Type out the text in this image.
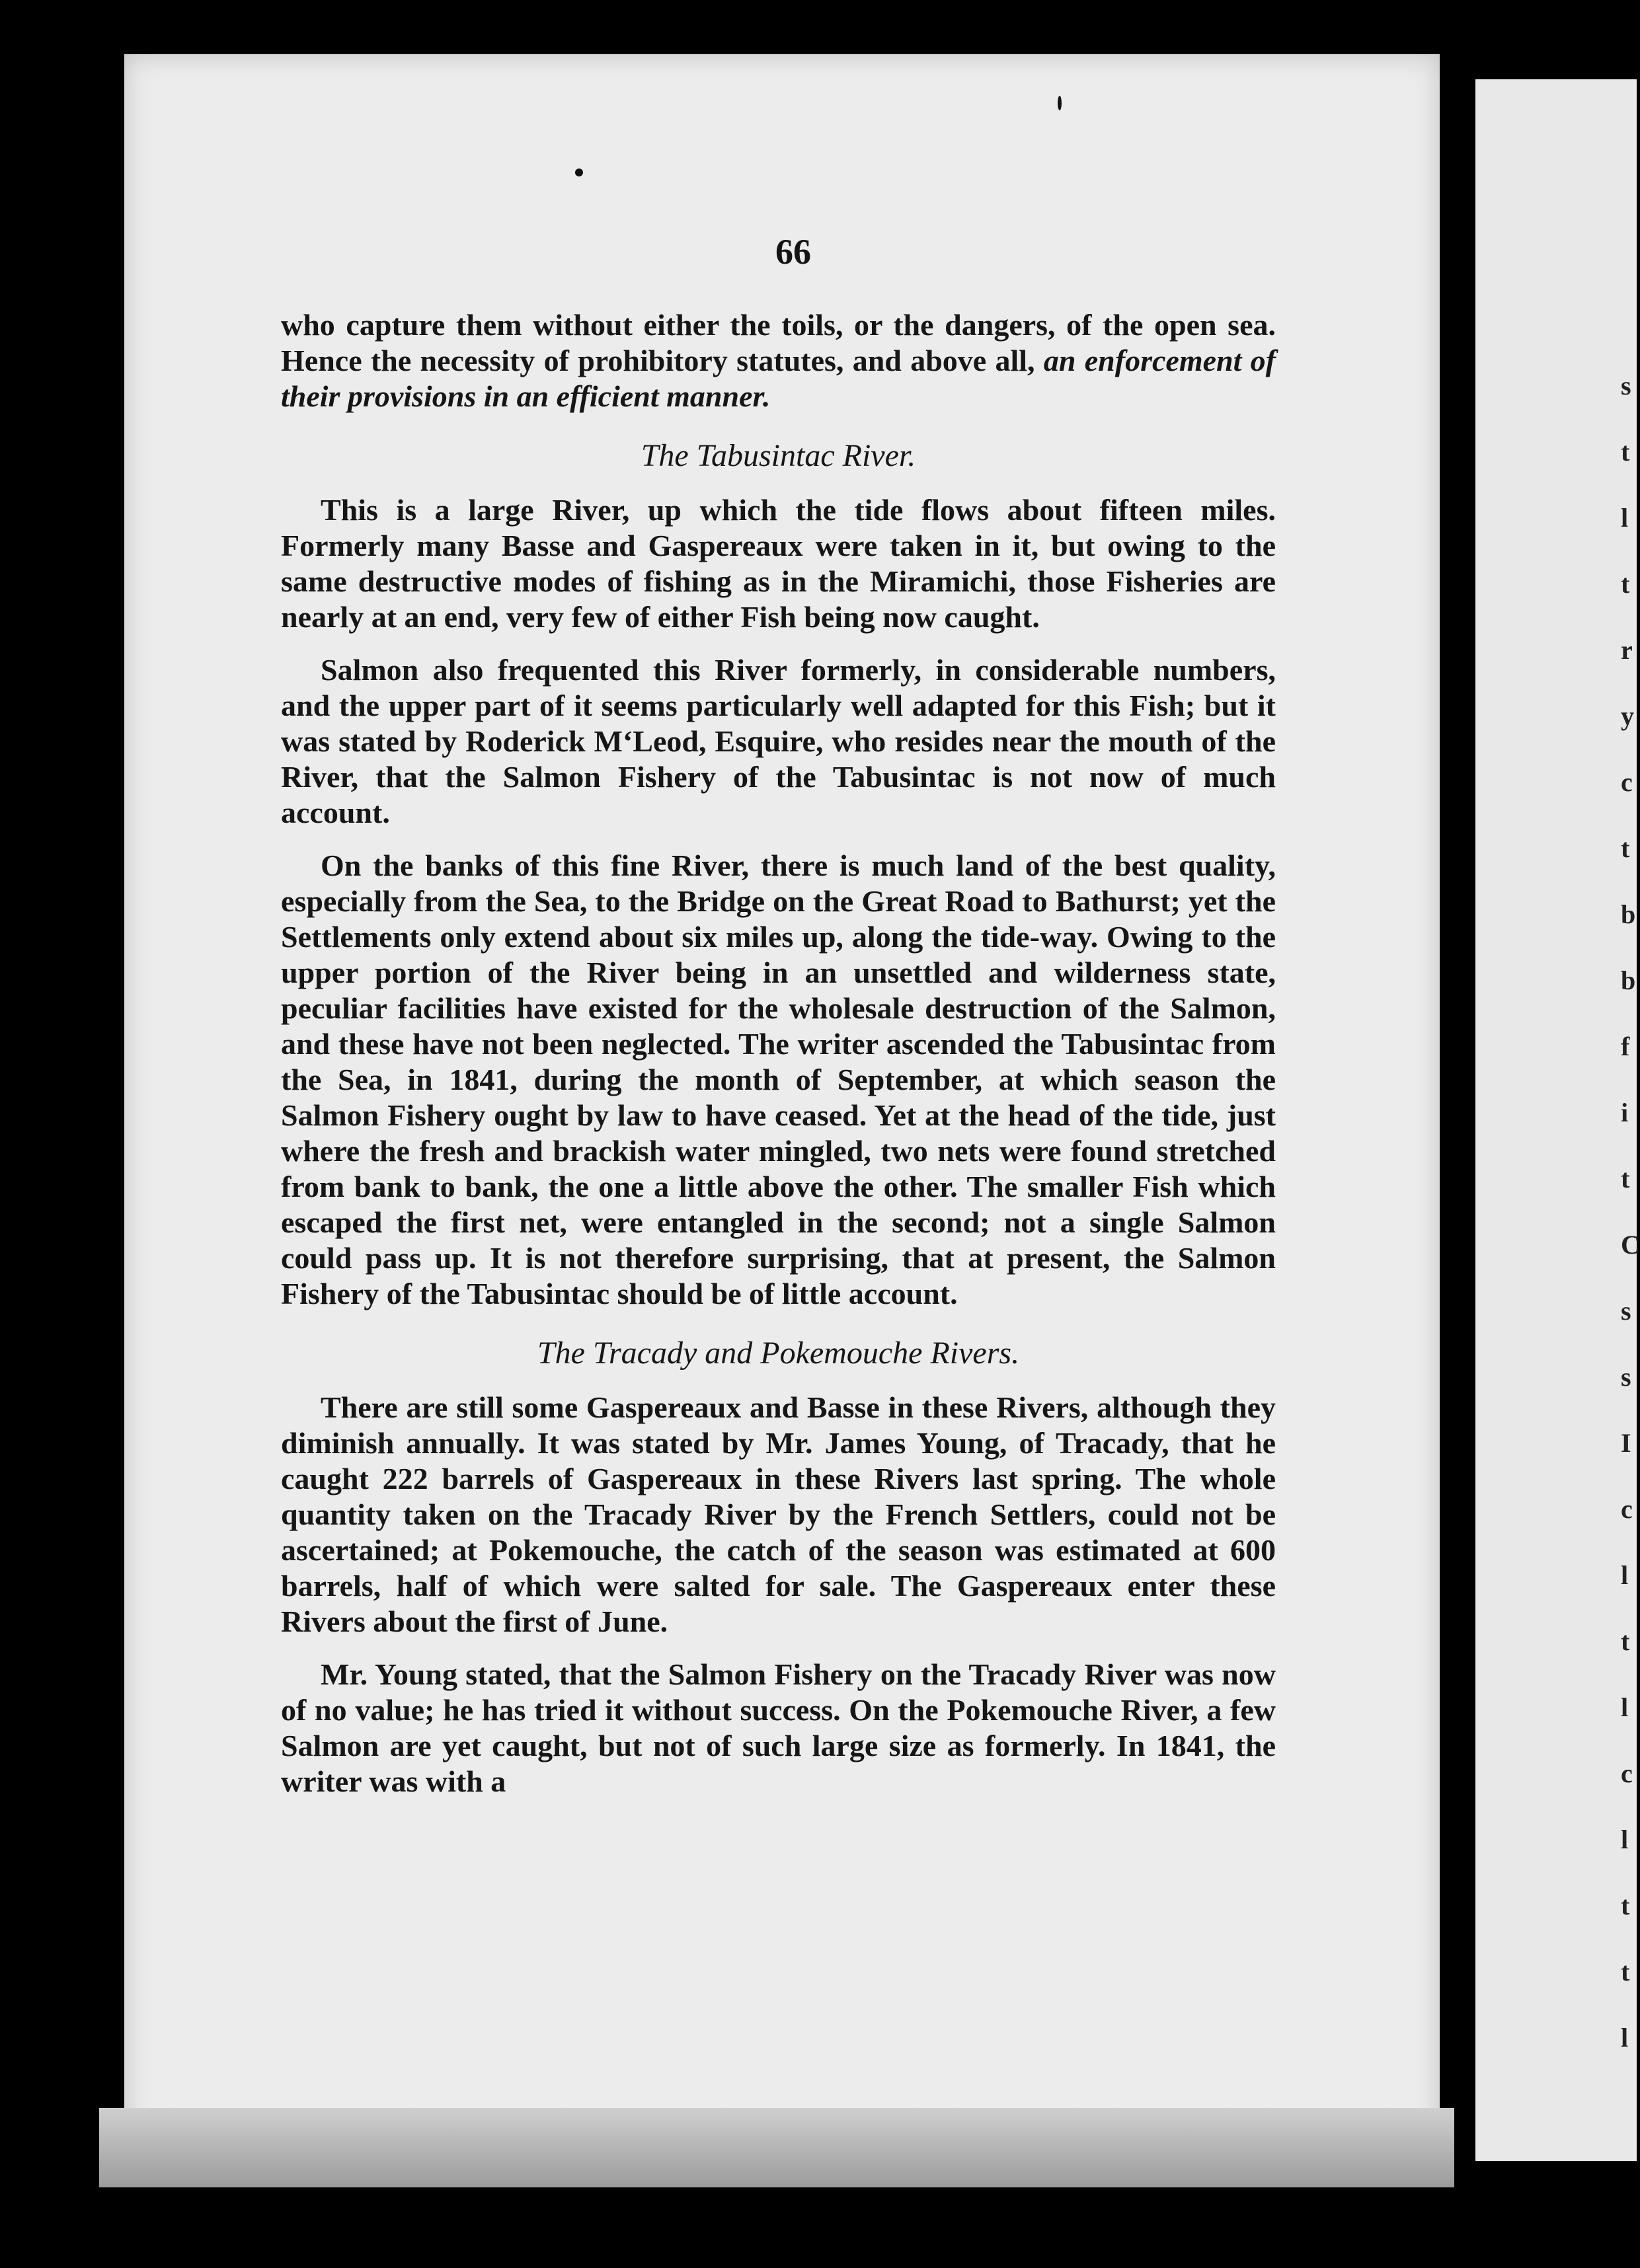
s
t
l
t
r
y
c
t
b
b
f
i
t
C
s
s
I
c
l
t
l
c
l
t
t
l
66

who capture them without either the toils, or the dangers, of the open sea. Hence the necessity of prohibitory statutes, and above all, an enforcement of their provisions in an efficient manner.

The Tabusintac River.

This is a large River, up which the tide flows about fifteen miles. Formerly many Basse and Gaspereaux were taken in it, but owing to the same destructive modes of fishing as in the Miramichi, those Fisheries are nearly at an end, very few of either Fish being now caught.

Salmon also frequented this River formerly, in considerable numbers, and the upper part of it seems particularly well adapted for this Fish; but it was stated by Roderick M‘Leod, Esquire, who resides near the mouth of the River, that the Salmon Fishery of the Tabusintac is not now of much account.

On the banks of this fine River, there is much land of the best quality, especially from the Sea, to the Bridge on the Great Road to Bathurst; yet the Settlements only extend about six miles up, along the tide-way. Owing to the upper portion of the River being in an unsettled and wilderness state, peculiar facilities have existed for the wholesale destruction of the Salmon, and these have not been neglected. The writer ascended the Tabusintac from the Sea, in 1841, during the month of September, at which season the Salmon Fishery ought by law to have ceased. Yet at the head of the tide, just where the fresh and brackish water mingled, two nets were found stretched from bank to bank, the one a little above the other. The smaller Fish which escaped the first net, were entangled in the second; not a single Salmon could pass up. It is not therefore surprising, that at present, the Salmon Fishery of the Tabusintac should be of little account.

The Tracady and Pokemouche Rivers.

There are still some Gaspereaux and Basse in these Rivers, although they diminish annually. It was stated by Mr. James Young, of Tracady, that he caught 222 barrels of Gaspereaux in these Rivers last spring. The whole quantity taken on the Tracady River by the French Settlers, could not be ascertained; at Pokemouche, the catch of the season was estimated at 600 barrels, half of which were salted for sale. The Gaspereaux enter these Rivers about the first of June.

Mr. Young stated, that the Salmon Fishery on the Tracady River was now of no value; he has tried it without success. On the Pokemouche River, a few Salmon are yet caught, but not of such large size as formerly. In 1841, the writer was with a
